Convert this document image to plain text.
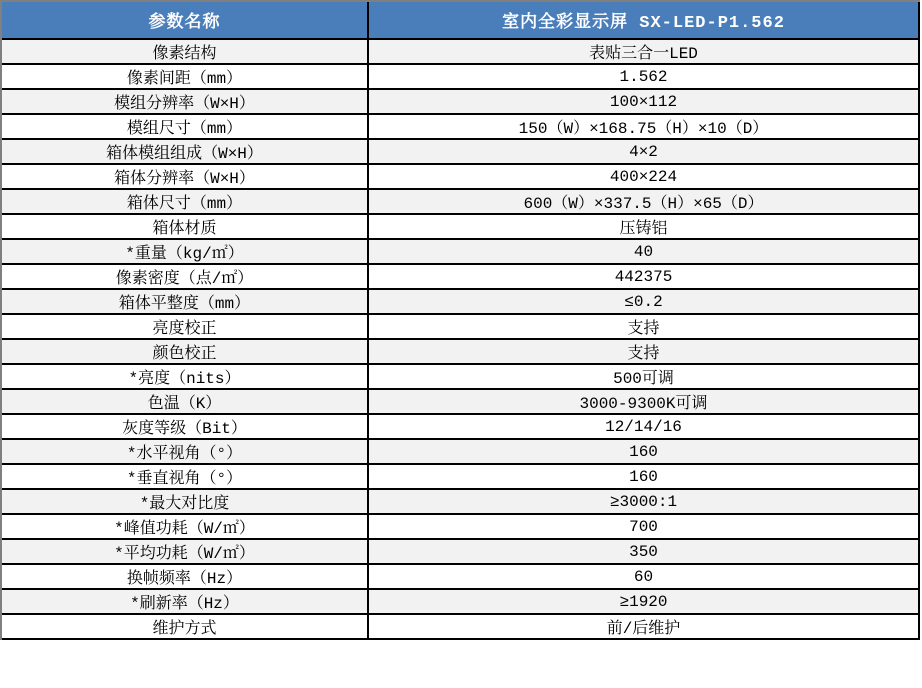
参数名称	室内全彩显示屏 SX-LED-P1.562
像素结构	表贴三合一LED
像素间距（mm）	1.562
模组分辨率（W×H）	100×112
模组尺寸（mm）	150（W）×168.75（H）×10（D）
箱体模组组成（W×H）	4×2
箱体分辨率（W×H）	400×224
箱体尺寸（mm）	600（W）×337.5（H）×65（D）
箱体材质	压铸铝
*重量（kg/㎡）	40
像素密度（点/㎡）	442375
箱体平整度（mm）	≤0.2
亮度校正	支持
颜色校正	支持
*亮度（nits）	500可调
色温（K）	3000-9300K可调
灰度等级（Bit）	12/14/16
*水平视角（°）	160
*垂直视角（°）	160
*最大对比度	≥3000:1
*峰值功耗（W/㎡）	700
*平均功耗（W/㎡）	350
换帧频率（Hz）	60
*刷新率（Hz）	≥1920
维护方式	前/后维护
